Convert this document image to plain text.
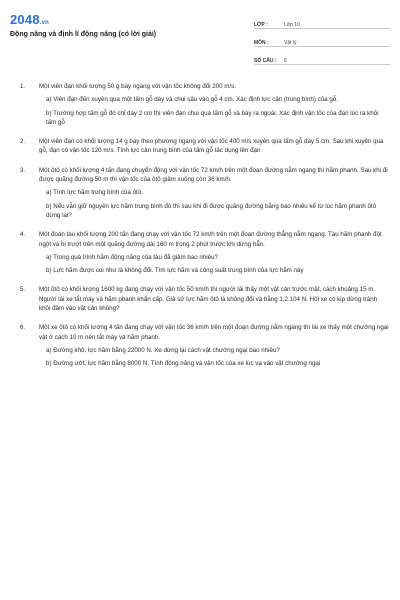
2048.vn
Động năng và định lí động năng (có lời giải)
LỚP :	Lớp 10
MÔN :	Vật lý
SỐ CÂU :	6
1.	Một viên đạn khối lượng 50 g bay ngang với vận tốc không đổi 200 m/s.
a) Viên đạn đến xuyên qua một tấm gỗ dày và chui sâu vào gỗ 4 cm. Xác định lực cản (trung bình) của gỗ.
b) Trường hợp tấm gỗ đó chỉ dày 2 cm thì viên đạn chui qua tấm gỗ và bay ra ngoài. Xác định vận tốc của đạn lúc ra khỏi tấm gỗ
2.	Một viên đạn có khối lượng 14 g bay theo phương ngang với vận tốc 400 m/s xuyên qua tấm gỗ dày 5 cm. Sau khi xuyên qua gỗ, đạn có vận tốc 120 m/s. Tính lực cản trung bình của tấm gỗ tác dụng lên đạn
3.	Một ôtô có khối lượng 4 tấn đang chuyển động với vận tốc 72 km/h trên một đoạn đường nằm ngang thì hãm phanh. Sau khi đi được quãng đường 50 m thì vận tốc của ôtô giảm xuống còn 36 km/h.
a) Tính lực hãm trung bình của ôtô.
b) Nếu vẫn giữ nguyên lực hãm trung bình đó thì sau khi đi được quãng đường bằng bao nhiêu kể từ lúc hãm phanh ôtô dừng lại?
4.	Một đoàn tàu khối lượng 200 tấn đang chạy với vận tốc 72 km/h trên một đoạn đường thẳng nằm ngang. Tàu hãm phanh đột ngột và bị trượt trên một quãng đường dài 160 m trong 2 phút trước khi dừng hẳn.
a) Trong quá trình hãm động năng của tàu đã giảm bao nhiêu?
b) Lực hãm được coi như là không đổi. Tìm lực hãm và công suất trung bình của lực hãm này
5.	Một ôtô có khối lượng 1600 kg đang chạy với vận tốc 50 km/h thì người lái thấy một vật cản trước mặt, cách khoảng 15 m. Người lái xe tắt máy và hãm phanh khẩn cấp. Giả sử lực hãm ôtô là không đổi và bằng 1,2.104 N. Hỏi xe có kịp dừng tránh khỏi đâm vào vật cản không?
6.	Một xe ôtô có khối lượng 4 tấn đang chạy với vận tốc 36 km/h trên một đoạn đường nằm ngang thì lái xe thấy một chướng ngại vật ở cách 10 m nên tắt máy và hãm phanh.
a) Đường khô, lực hãm bằng 22000 N. Xe dừng lại cách vật chướng ngại bao nhiêu?
b) Đường ướt, lực hãm bằng 8000 N. Tính động năng và vận tốc của xe lúc va vào vật chướng ngại
